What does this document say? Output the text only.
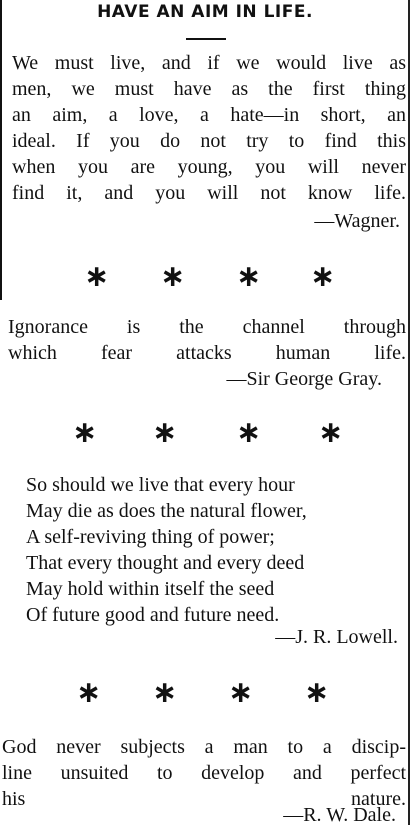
HAVE AN AIM IN LIFE.
We must live, and if we would live as
men, we must have as the first thing
an aim, a love, a hate—in short, an
ideal. If you do not try to find this
when you are young, you will never
find it, and you will not know life.
—Wagner.
∗ ∗ ∗ ∗
Ignorance is the channel through
which fear attacks human life.
—Sir George Gray.
∗ ∗ ∗ ∗
So should we live that every hour
May die as does the natural flower,
A self-reviving thing of power;
That every thought and every deed
May hold within itself the seed
Of future good and future need.
—J. R. Lowell.
∗ ∗ ∗ ∗
God never subjects a man to a discip-
line unsuited to develop and perfect
his nature.
—R. W. Dale.
